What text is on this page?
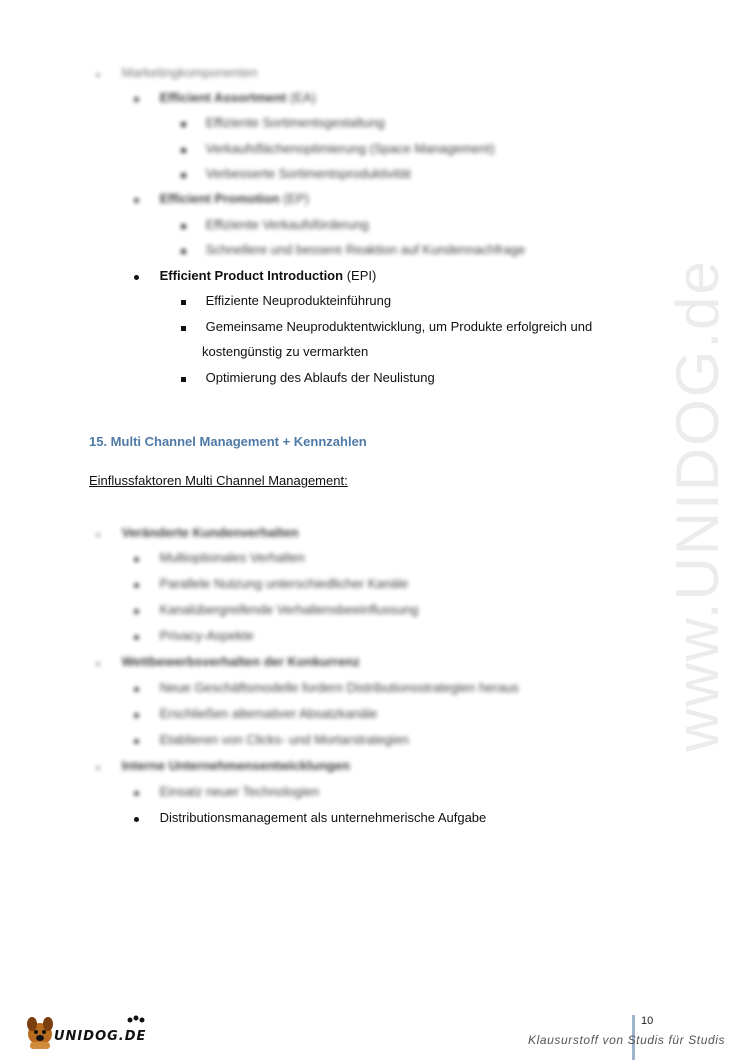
www.UNIDOG.de
Marketingkomponenten
Efficient Assortment (EA)
Effiziente Sortimentsgestaltung
Verkaufsflächenoptimierung (Space Management)
Verbesserte Sortimentsproduktivität
Efficient Promotion (EP)
Effiziente Verkaufsförderung
Schnellere und bessere Reaktion auf Kundennachfrage
Efficient Product Introduction (EPI)
Effiziente Neuprodukteinführung
Gemeinsame Neuproduktentwicklung, um Produkte erfolgreich und
kostengünstig zu vermarkten
Optimierung des Ablaufs der Neulistung
15. Multi Channel Management + Kennzahlen
Einflussfaktoren Multi Channel Management:
Veränderte Kundenverhalten
Multioptionales Verhalten
Parallele Nutzung unterschiedlicher Kanäle
Kanalübergreifende Verhaltensbeeinflussung
Privacy-Aspekte
Wettbewerbsverhalten der Konkurrenz
Neue Geschäftsmodelle fordern Distributionsstrategien heraus
Erschließen alternativer Absatzkanäle
Etablieren von Clicks- und Mortarstrategien
Interne Unternehmensentwicklungen
Einsatz neuer Technologien
Distributionsmanagement als unternehmerische Aufgabe
UNIDOG.DE
10
Klausurstoff von Studis für Studis
